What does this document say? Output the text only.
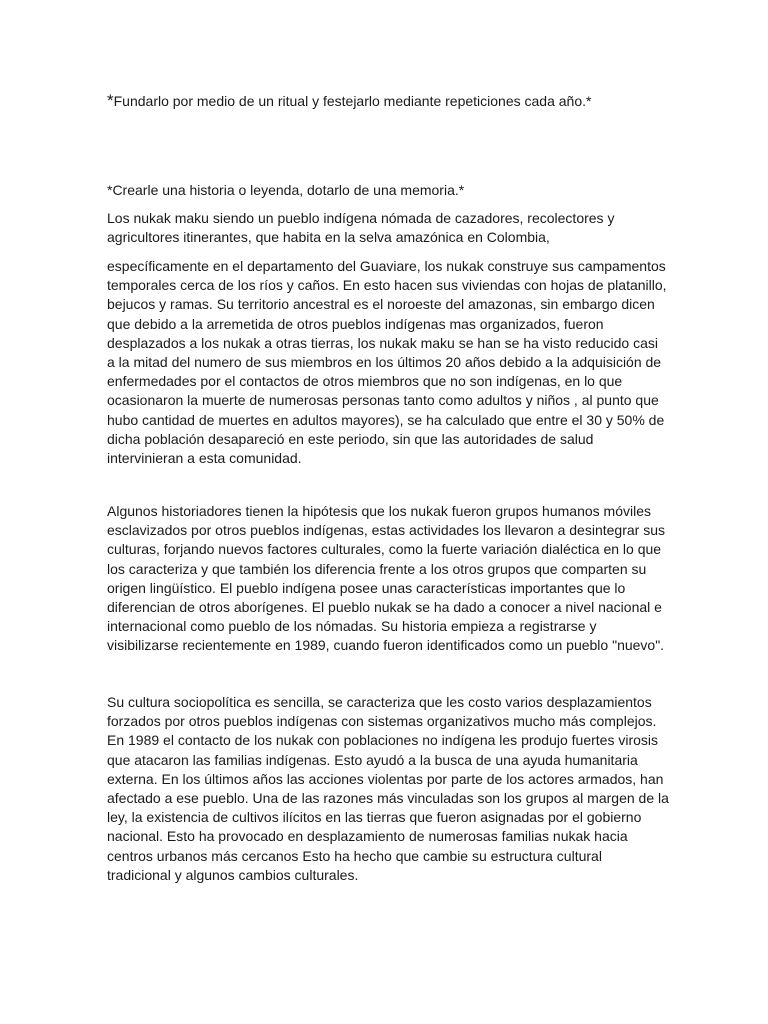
*Fundarlo por medio de un ritual y festejarlo mediante repeticiones cada año.*

*Crearle una historia o leyenda, dotarlo de una memoria.*

Los nukak maku siendo un pueblo indígena nómada de cazadores, recolectores y
agricultores itinerantes, que habita en la selva amazónica en Colombia,

específicamente en el departamento del Guaviare, los nukak construye sus campamentos
temporales cerca de los ríos y caños. En esto hacen sus viviendas con hojas de platanillo,
bejucos y ramas. Su territorio ancestral es el noroeste del amazonas, sin embargo dicen
que debido a la arremetida de otros pueblos indígenas mas organizados, fueron
desplazados a los nukak a otras tierras, los nukak maku se han se ha visto reducido casi
a la mitad del numero de sus miembros en los últimos 20 años debido a la adquisición de
enfermedades por el contactos de otros miembros que no son indígenas, en lo que
ocasionaron la muerte de numerosas personas tanto como adultos y niños , al punto que
hubo cantidad de muertes en adultos mayores), se ha calculado que entre el 30 y 50% de
dicha población desapareció en este periodo, sin que las autoridades de salud
intervinieran a esta comunidad.

Algunos historiadores tienen la hipótesis que los nukak fueron grupos humanos móviles
esclavizados por otros pueblos indígenas, estas actividades los llevaron a desintegrar sus
culturas, forjando nuevos factores culturales, como la fuerte variación dialéctica en lo que
los caracteriza y que también los diferencia frente a los otros grupos que comparten su
origen lingüístico. El pueblo indígena posee unas características importantes que lo
diferencian de otros aborígenes. El pueblo nukak se ha dado a conocer a nivel nacional e
internacional como pueblo de los nómadas. Su historia empieza a registrarse y
visibilizarse recientemente en 1989, cuando fueron identificados como un pueblo "nuevo".

Su cultura sociopolítica es sencilla, se caracteriza que les costo varios desplazamientos
forzados por otros pueblos indígenas con sistemas organizativos mucho más complejos.
En 1989 el contacto de los nukak con poblaciones no indígena les produjo fuertes virosis
que atacaron las familias indígenas. Esto ayudó a la busca de una ayuda humanitaria
externa. En los últimos años las acciones violentas por parte de los actores armados, han
afectado a ese pueblo. Una de las razones más vinculadas son los grupos al margen de la
ley, la existencia de cultivos ilícitos en las tierras que fueron asignadas por el gobierno
nacional. Esto ha provocado en desplazamiento de numerosas familias nukak hacia
centros urbanos más cercanos Esto ha hecho que cambie su estructura cultural
tradicional y algunos cambios culturales.
